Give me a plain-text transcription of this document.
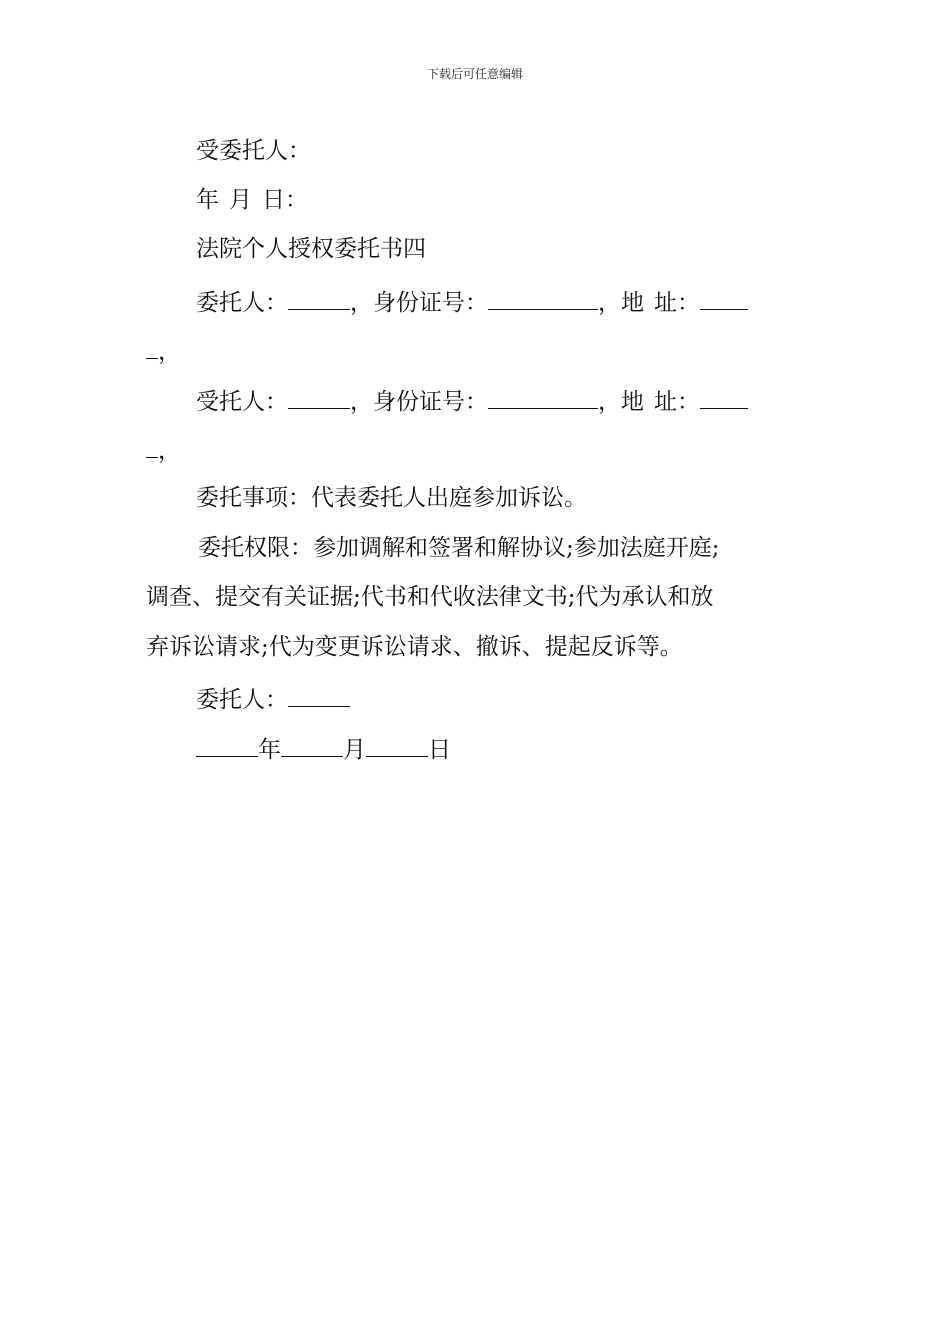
下载后可任意编辑
受委托人：
年 月 日：
法院个人授权委托书四
委托人：	，身份证号：	，地 址：
，
受托人：	，身份证号：	，地 址：
，
委托事项：代表委托人出庭参加诉讼。
委托权限：参加调解和签署和解协议;参加法庭开庭;
调查、提交有关证据;代书和代收法律文书;代为承认和放
弃诉讼请求;代为变更诉讼请求、撤诉、提起反诉等。
委托人：
年	月	日
